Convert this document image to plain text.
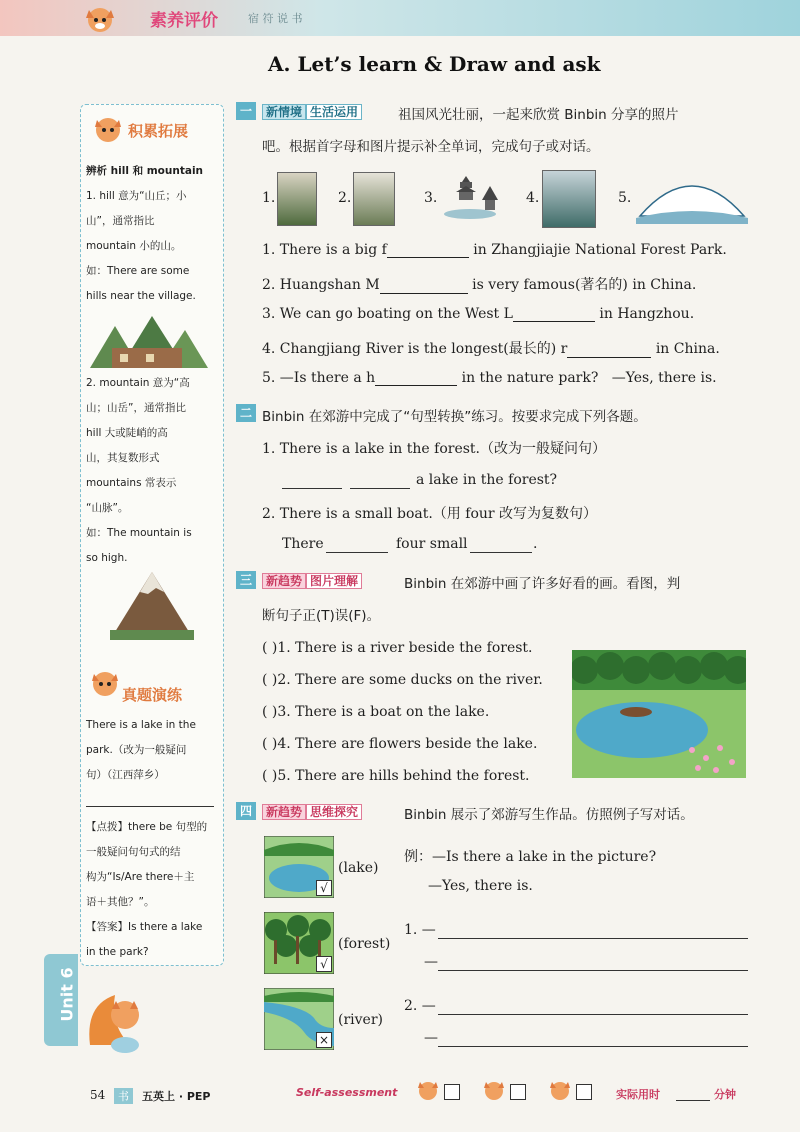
素养评价	宿 符 说 书
A. Let’s learn & Draw and ask
积累拓展
辨析 hill 和 mountain
1. hill 意为“山丘；小
山”，通常指比
mountain 小的山。
如：There are some
hills near the village.
2. mountain 意为“高
山；山岳”，通常指比
hill 大或陡峭的高
山，其复数形式
mountains 常表示
“山脉”。
如：The mountain is
so high.
真题演练
There is a lake in the
park.（改为一般疑问
句）（江西萍乡）
【点拨】there be 句型的
一般疑问句句式的结
构为“Is/Are there＋主
语＋其他？”。
【答案】Is there a lake
in the park?
Unit 6
一	新情境 生活运用	祖国风光壮丽，一起来欣赏 Binbin 分享的照片
吧。根据首字母和图片提示补全单词，完成句子或对话。
1.	2.	3.	4.	5.
1. There is a big f	in Zhangjiajie National Forest Park.
2. Huangshan M	is very famous(著名的) in China.
3. We can go boating on the West L	in Hangzhou.
4. Changjiang River is the longest(最长的) r	in China.
5. —Is there a h	in the nature park? —Yes, there is.
二 Binbin 在郊游中完成了“句型转换”练习。按要求完成下列各题。
1. There is a lake in the forest.（改为一般疑问句）
a lake in the forest?
2. There is a small boat.（用 four 改写为复数句）
There	four small	.
三	新趋势 图片理解	Binbin 在郊游中画了许多好看的画。看图，判
断句子正(T)误(F)。
( )1. There is a river beside the forest.
( )2. There are some ducks on the river.
( )3. There is a boat on the lake.
( )4. There are flowers beside the lake.
( )5. There are hills behind the forest.
四	新趋势 思维探究	Binbin 展示了郊游写生作品。仿照例子写对话。
√
(lake)
例：—Is there a lake in the picture?
—Yes, there is.
√
(forest)
1. —
—
×
(river)
2. —
—
54	书	五英上 · PEP	Self-assessment	实际用时	分钟
